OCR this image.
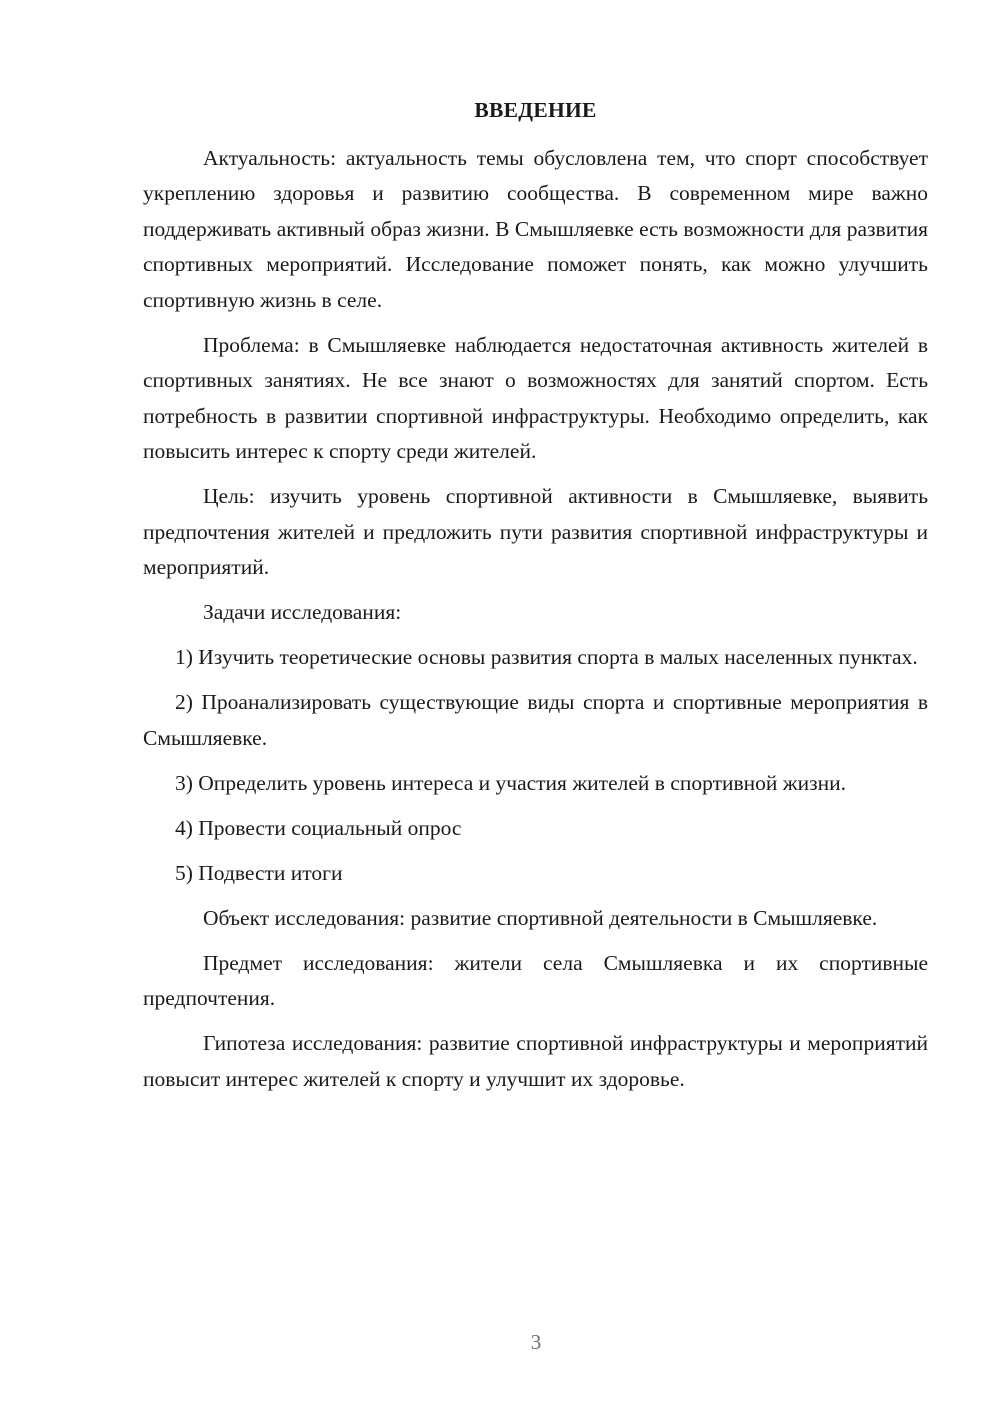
ВВЕДЕНИЕ

Актуальность: актуальность темы обусловлена тем, что спорт способствует укреплению здоровья и развитию сообщества. В современном мире важно поддерживать активный образ жизни. В Смышляевке есть возможности для развития спортивных мероприятий. Исследование поможет понять, как можно улучшить спортивную жизнь в селе.

Проблема: в Смышляевке наблюдается недостаточная активность жителей в спортивных занятиях. Не все знают о возможностях для занятий спортом. Есть потребность в развитии спортивной инфраструктуры. Необходимо определить, как повысить интерес к спорту среди жителей.

Цель: изучить уровень спортивной активности в Смышляевке, выявить предпочтения жителей и предложить пути развития спортивной инфраструктуры и мероприятий.

Задачи исследования:

1) Изучить теоретические основы развития спорта в малых населенных пунктах.

2) Проанализировать существующие виды спорта и спортивные мероприятия в Смышляевке.

3) Определить уровень интереса и участия жителей в спортивной жизни.

4) Провести социальный опрос

5) Подвести итоги

Объект исследования: развитие спортивной деятельности в Смышляевке.

Предмет исследования: жители села Смышляевка и их спортивные предпочтения.

Гипотеза исследования: развитие спортивной инфраструктуры и мероприятий повысит интерес жителей к спорту и улучшит их здоровье.

3
